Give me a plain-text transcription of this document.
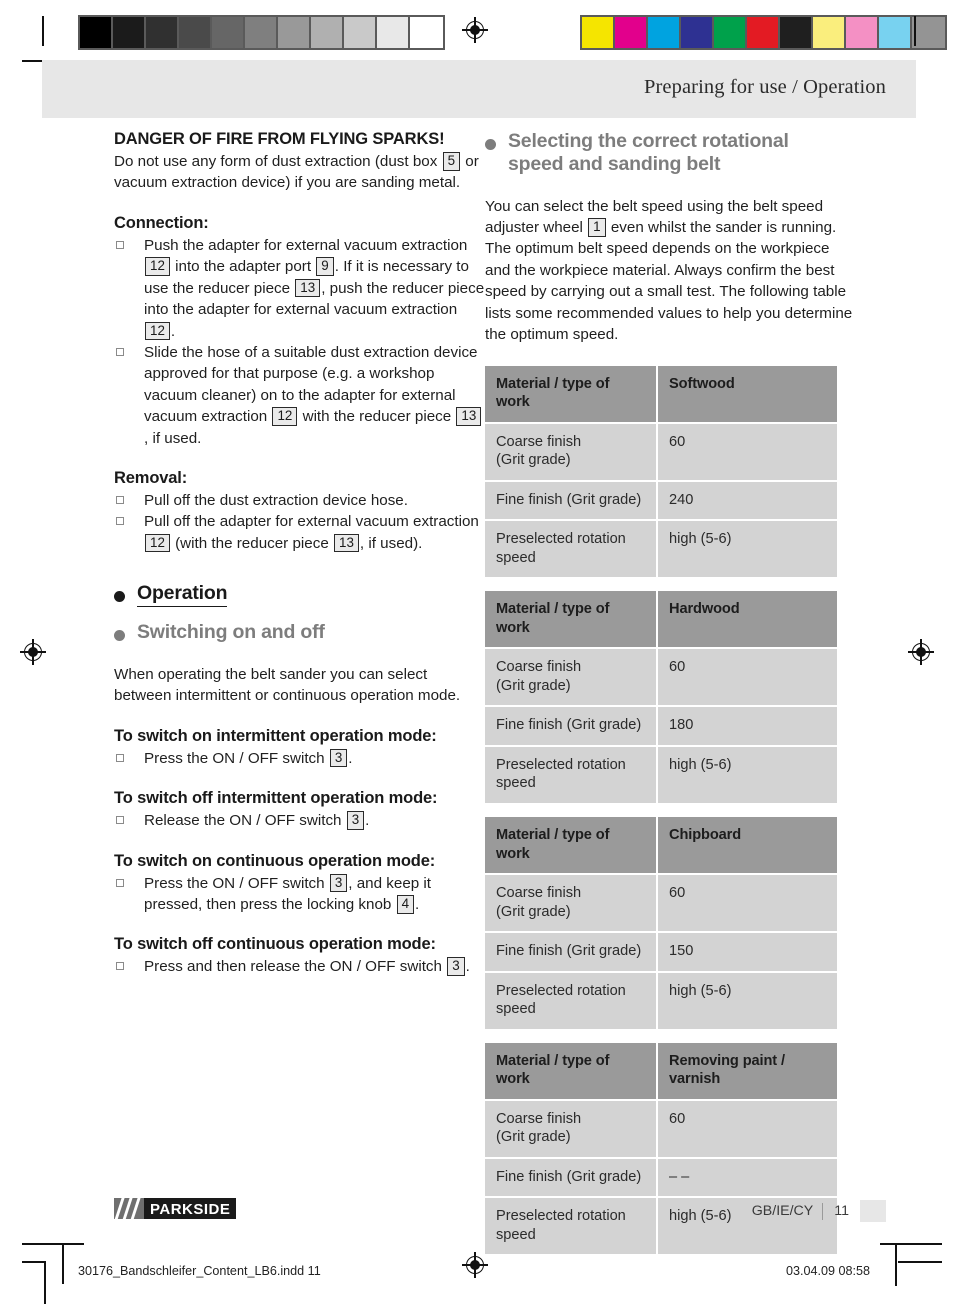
Preparing for use / Operation
DANGER OF FIRE FROM FLYING SPARKS!

Do not use any form of dust extraction (dust box 5 or vacuum extraction device) if you are sanding metal.

Connection:
Push the adapter for external vacuum extraction 12 into the adapter port 9 . If it is necessary to use the reducer piece 13 , push the reducer piece into the adapter for external vacuum extraction 12 .
Slide the hose of a suitable dust extraction device approved for that purpose (e.g. a workshop vacuum cleaner) on to the adapter for external vacuum extraction 12 with the reducer piece 13, if used.
Removal:
Pull off the dust extraction device hose.
Pull off the adapter for external vacuum extraction 12 (with the reducer piece 13 , if used).
Operation
Switching on and off

When operating the belt sander you can select between intermittent or continuous operation mode.

To switch on intermittent operation mode:
Press the ON / OFF switch 3 .
To switch off intermittent operation mode:
Release the ON / OFF switch 3 .
To switch on continuous operation mode:
Press the ON / OFF switch 3 , and keep it pressed, then press the locking knob 4 .
To switch off continuous operation mode:
Press and then release the ON / OFF switch 3 .
Selecting the correct rotational
speed and sanding belt

You can select the belt speed using the belt speed adjuster wheel 1 even whilst the sander is running. The optimum belt speed depends on the workpiece and the workpiece material. Always confirm the best speed by carrying out a small test. The following table lists some recommended values to help you determine the optimum speed.

Material / type of work	Softwood
Coarse finish
(Grit grade)	60
Fine finish (Grit grade)	240
Preselected rotation speed	high (5-6)
Material / type of work	Hardwood
Coarse finish
(Grit grade)	60
Fine finish (Grit grade)	180
Preselected rotation speed	high (5-6)
Material / type of work	Chipboard
Coarse finish
(Grit grade)	60
Fine finish (Grit grade)	150
Preselected rotation speed	high (5-6)
Material / type of work	Removing paint / varnish
Coarse finish
(Grit grade)	60
Fine finish (Grit grade)	– –
Preselected rotation speed	high (5-6)
PARKSIDE	GB/IE/CY	11
30176_Bandschleifer_Content_LB6.indd 11	03.04.09 08:58
